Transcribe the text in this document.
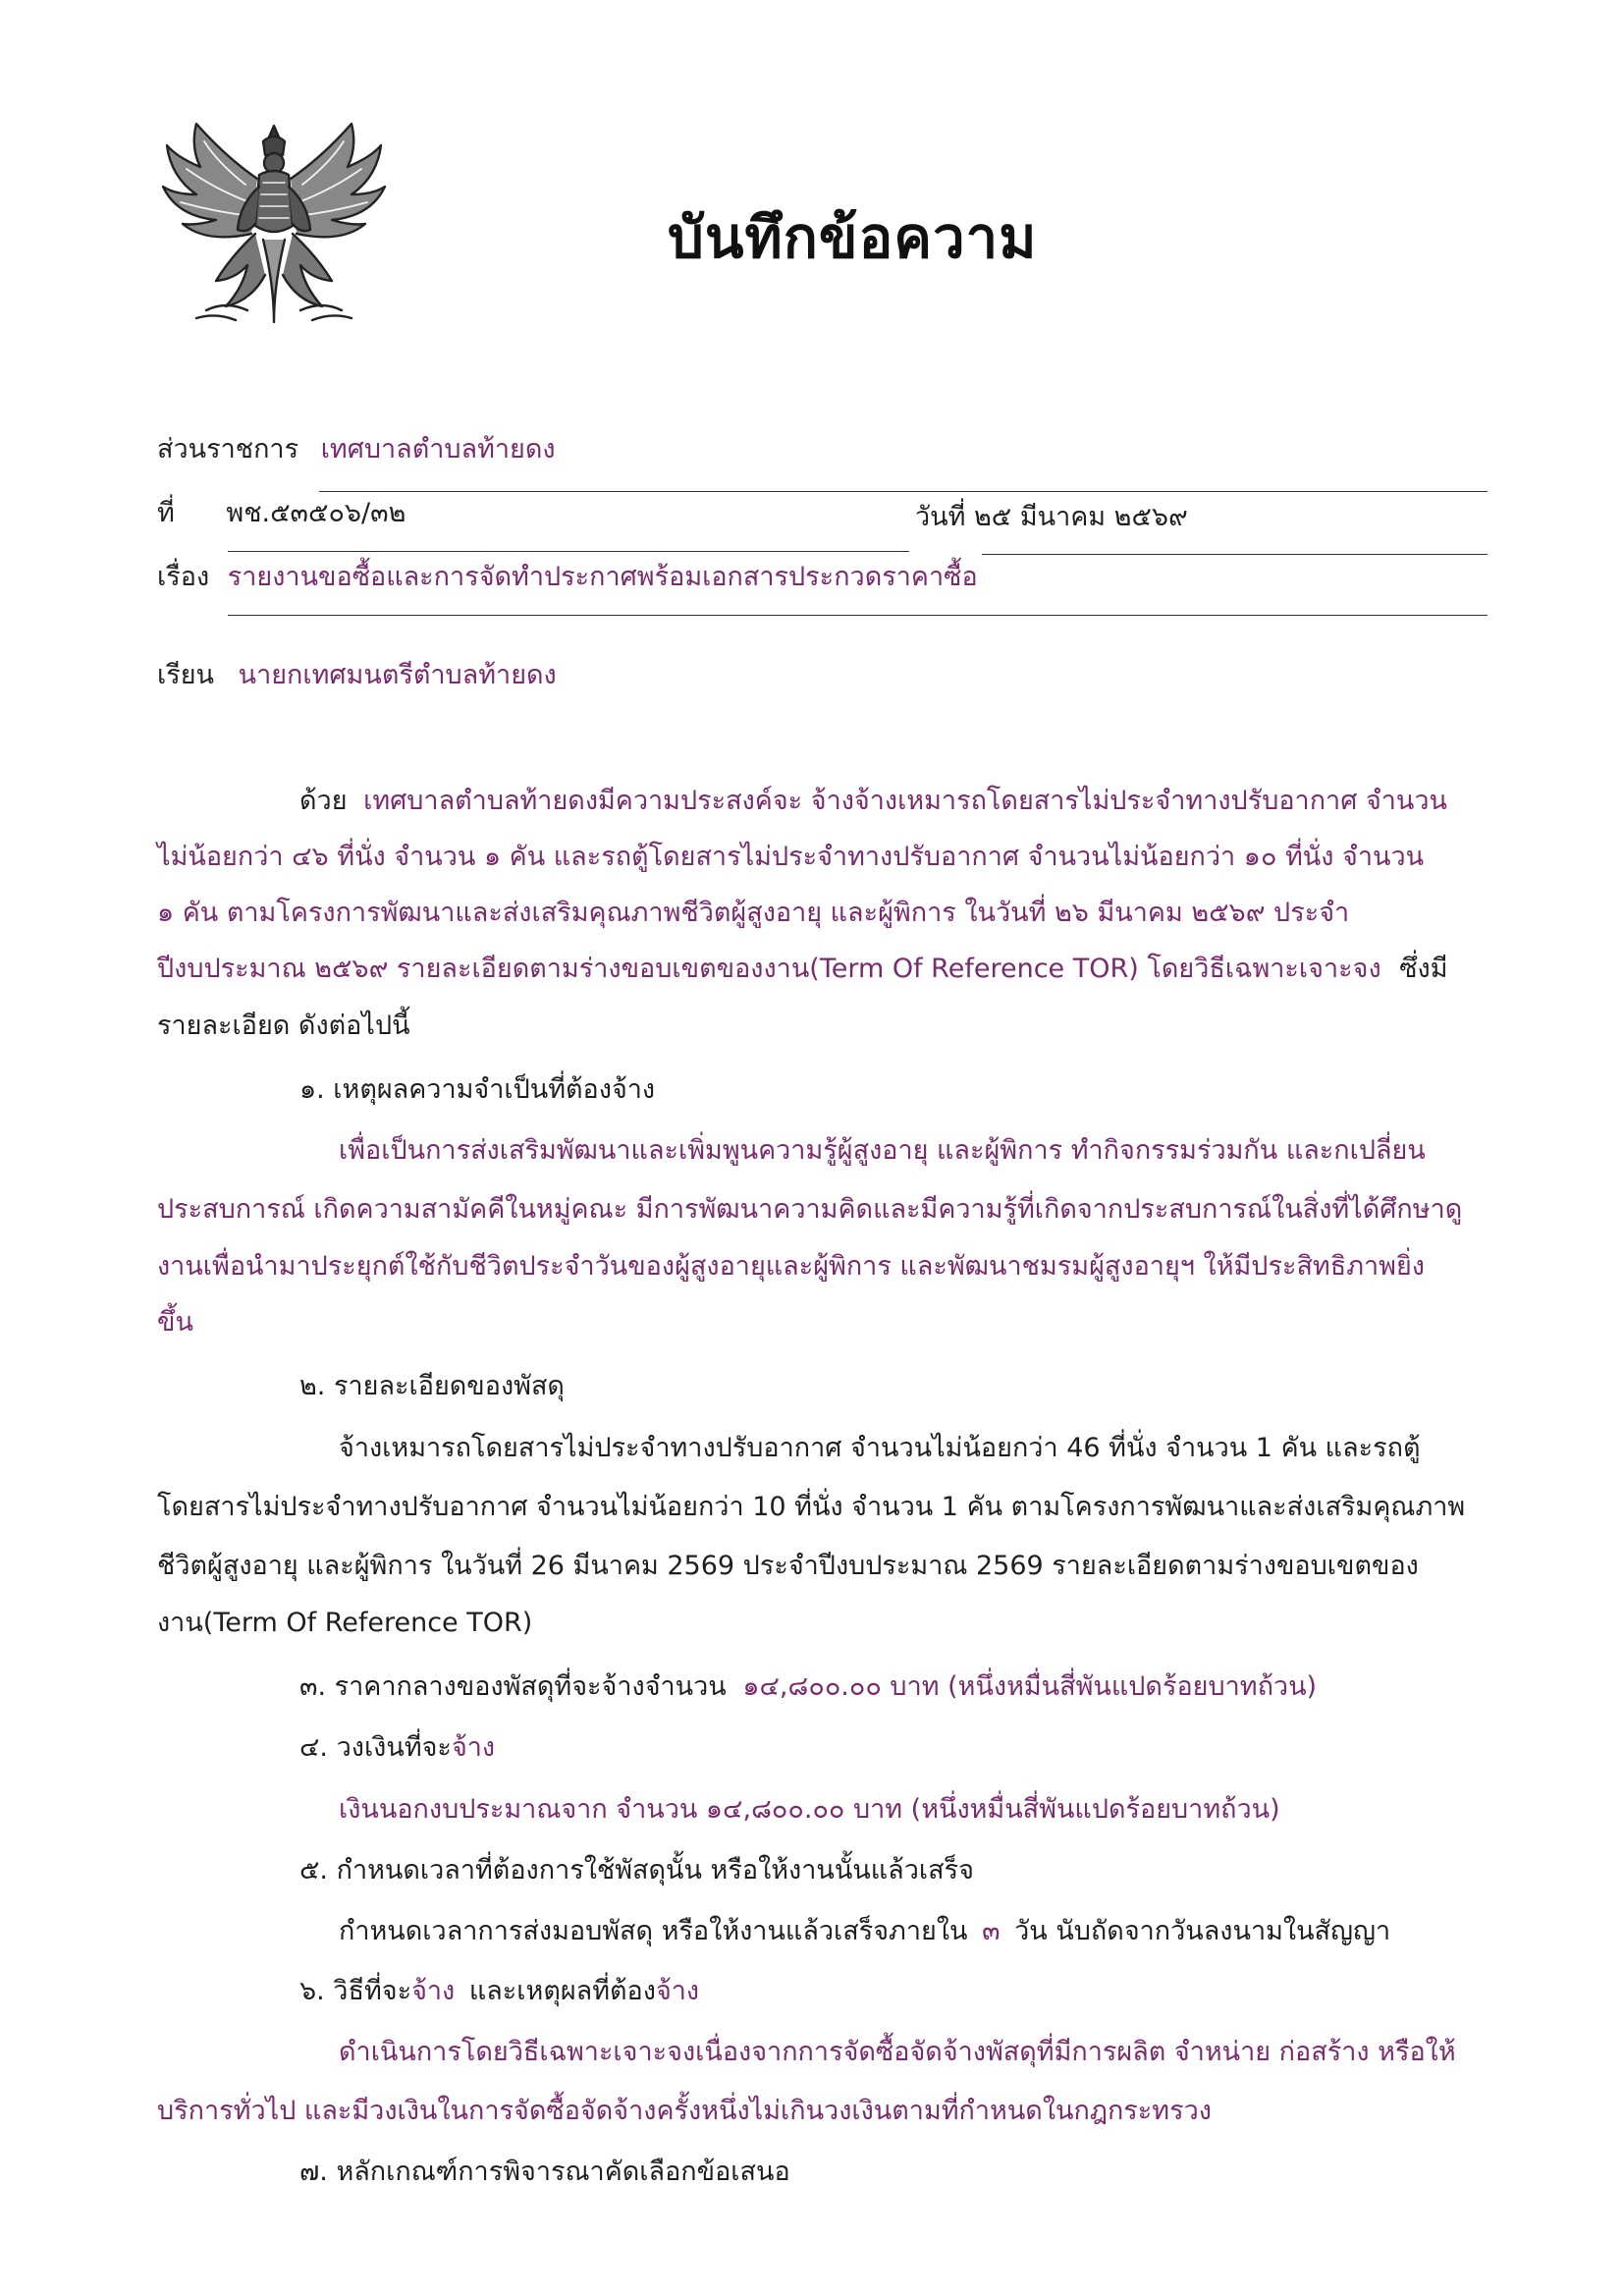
บันทึกข้อความ
ส่วนราชการ เทศบาลตำบลท้ายดง
ที่ พช.๕๓๕๐๖/๓๒	วันที่ ๒๕ มีนาคม ๒๕๖๙
เรื่อง รายงานขอซื้อและการจัดทำประกาศพร้อมเอกสารประกวดราคาซื้อ
เรียน นายกเทศมนตรีตำบลท้ายดง
ด้วย เทศบาลตำบลท้ายดงมีความประสงค์จะ จ้างจ้างเหมารถโดยสารไม่ประจำทางปรับอากาศ จำนวน
ไม่น้อยกว่า ๔๖ ที่นั่ง จำนวน ๑ คัน และรถตู้โดยสารไม่ประจำทางปรับอากาศ จำนวนไม่น้อยกว่า ๑๐ ที่นั่ง จำนวน
๑ คัน ตามโครงการพัฒนาและส่งเสริมคุณภาพชีวิตผู้สูงอายุ และผู้พิการ ในวันที่ ๒๖ มีนาคม ๒๕๖๙ ประจำ
ปีงบประมาณ ๒๕๖๙ รายละเอียดตามร่างขอบเขตของงาน(Term Of Reference TOR) โดยวิธีเฉพาะเจาะจง ซึ่งมี
รายละเอียด ดังต่อไปนี้
๑. เหตุผลความจำเป็นที่ต้องจ้าง
เพื่อเป็นการส่งเสริมพัฒนาและเพิ่มพูนความรู้ผู้สูงอายุ และผู้พิการ ทำกิจกรรมร่วมกัน และกเปลี่ยน
ประสบการณ์ เกิดความสามัคคีในหมู่คณะ มีการพัฒนาความคิดและมีความรู้ที่เกิดจากประสบการณ์ในสิ่งที่ได้ศึกษาดู
งานเพื่อนำมาประยุกต์ใช้กับชีวิตประจำวันของผู้สูงอายุและผู้พิการ และพัฒนาชมรมผู้สูงอายุฯ ให้มีประสิทธิภาพยิ่ง
ขึ้น
๒. รายละเอียดของพัสดุ
จ้างเหมารถโดยสารไม่ประจำทางปรับอากาศ จำนวนไม่น้อยกว่า 46 ที่นั่ง จำนวน 1 คัน และรถตู้
โดยสารไม่ประจำทางปรับอากาศ จำนวนไม่น้อยกว่า 10 ที่นั่ง จำนวน 1 คัน ตามโครงการพัฒนาและส่งเสริมคุณภาพ
ชีวิตผู้สูงอายุ และผู้พิการ ในวันที่ 26 มีนาคม 2569 ประจำปีงบประมาณ 2569 รายละเอียดตามร่างขอบเขตของ
งาน(Term Of Reference TOR)
๓. ราคากลางของพัสดุที่จะจ้างจำนวน ๑๔,๘๐๐.๐๐ บาท (หนึ่งหมื่นสี่พันแปดร้อยบาทถ้วน)
๔. วงเงินที่จะจ้าง
เงินนอกงบประมาณจาก จำนวน ๑๔,๘๐๐.๐๐ บาท (หนึ่งหมื่นสี่พันแปดร้อยบาทถ้วน)
๕. กำหนดเวลาที่ต้องการใช้พัสดุนั้น หรือให้งานนั้นแล้วเสร็จ
กำหนดเวลาการส่งมอบพัสดุ หรือให้งานแล้วเสร็จภายใน ๓ วัน นับถัดจากวันลงนามในสัญญา
๖. วิธีที่จะจ้าง และเหตุผลที่ต้องจ้าง
ดำเนินการโดยวิธีเฉพาะเจาะจงเนื่องจากการจัดซื้อจัดจ้างพัสดุที่มีการผลิต จำหน่าย ก่อสร้าง หรือให้
บริการทั่วไป และมีวงเงินในการจัดซื้อจัดจ้างครั้งหนึ่งไม่เกินวงเงินตามที่กำหนดในกฎกระทรวง
๗. หลักเกณฑ์การพิจารณาคัดเลือกข้อเสนอ
